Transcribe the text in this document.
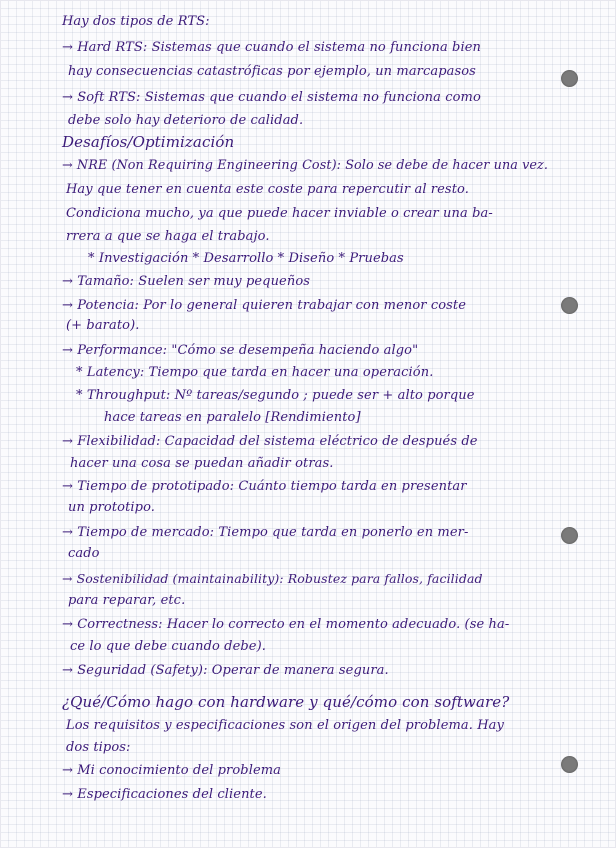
Hay dos tipos de RTS:
→ Hard RTS: Sistemas que cuando el sistema no funciona bien
hay consecuencias catastróficas por ejemplo, un marcapasos
→ Soft RTS: Sistemas que cuando el sistema no funciona como
debe solo hay deterioro de calidad.
Desafíos/Optimización
→ NRE (Non Requiring Engineering Cost): Solo se debe de hacer una vez.
Hay que tener en cuenta este coste para repercutir al resto.
Condiciona mucho, ya que puede hacer inviable o crear una ba-
rrera a que se haga el trabajo.
* Investigación * Desarrollo * Diseño * Pruebas
→ Tamaño: Suelen ser muy pequeños
→ Potencia: Por lo general quieren trabajar con menor coste
(+ barato).
→ Performance: "Cómo se desempeña haciendo algo"
* Latency: Tiempo que tarda en hacer una operación.
* Throughput: Nº tareas/segundo ; puede ser + alto porque
hace tareas en paralelo [Rendimiento]
→ Flexibilidad: Capacidad del sistema eléctrico de después de
hacer una cosa se puedan añadir otras.
→ Tiempo de prototipado: Cuánto tiempo tarda en presentar
un prototipo.
→ Tiempo de mercado: Tiempo que tarda en ponerlo en mer-
cado
→ Sostenibilidad (maintainability): Robustez para fallos, facilidad
para reparar, etc.
→ Correctness: Hacer lo correcto en el momento adecuado. (se ha-
ce lo que debe cuando debe).
→ Seguridad (Safety): Operar de manera segura.
¿Qué/Cómo hago con hardware y qué/cómo con software?
Los requisitos y especificaciones son el origen del problema. Hay
dos tipos:
→ Mi conocimiento del problema
→ Especificaciones del cliente.
